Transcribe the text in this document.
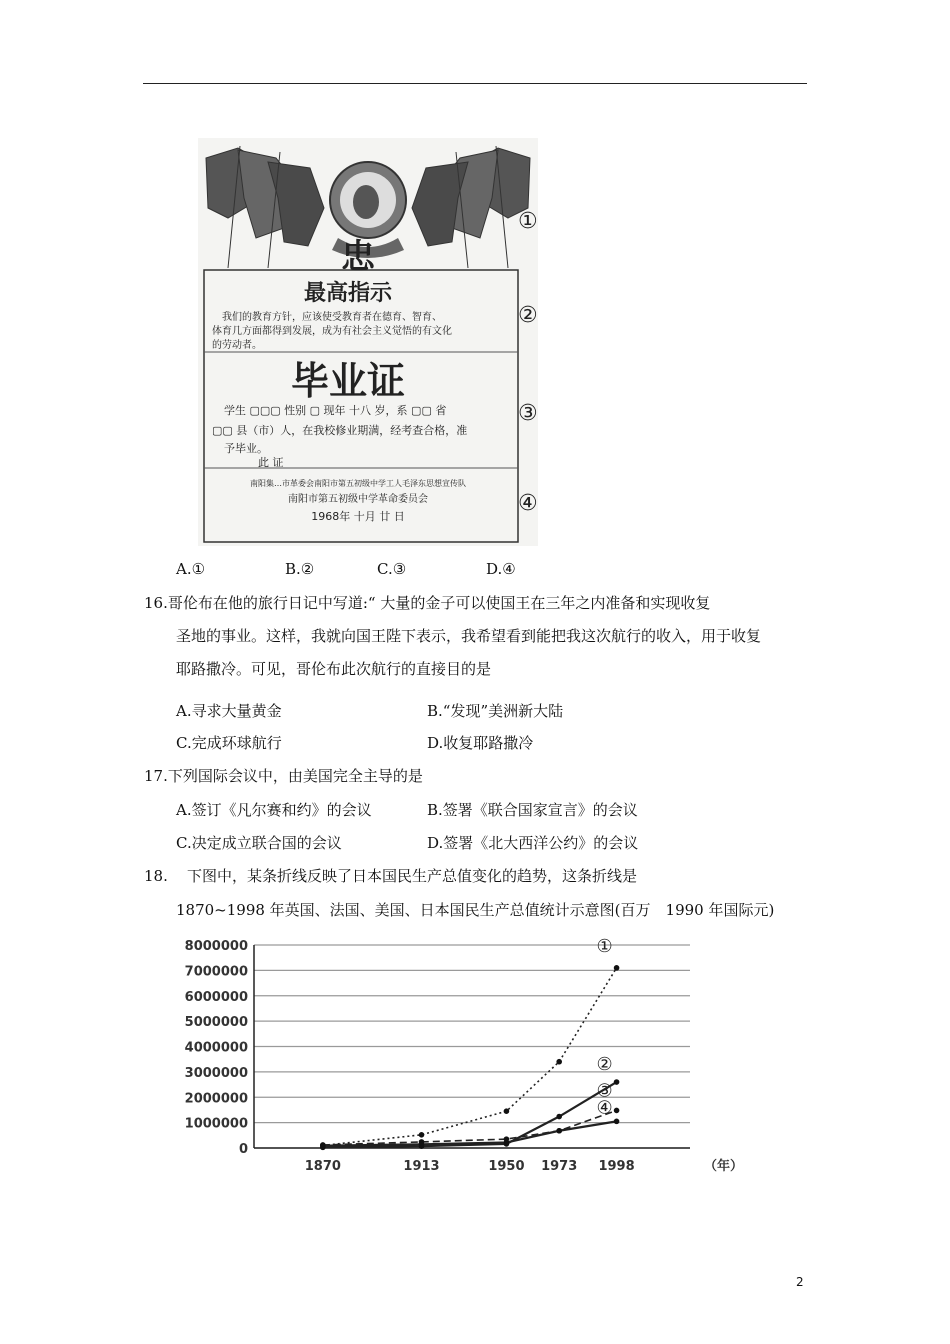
忠
最高指示
我们的教育方针，应该使受教育者在德育、智育、
体育几方面都得到发展，成为有社会主义觉悟的有文化
的劳动者。
毕业证
学生 ▢▢▢ 性别 ▢ 现年 十八 岁，系 ▢▢ 省
▢▢ 县（市）人，在我校修业期满，经考查合格，准
予毕业。
此 证
南阳集…市革委会南阳市第五初级中学工人毛泽东思想宣传队
南阳市第五初级中学革命委员会
1968年 十月 廿 日
①
②
③
④
A.①	B.②	C.③	D.④
16.哥伦布在他的旅行日记中写道:“ 大量的金子可以使国王在三年之内准备和实现收复
圣地的事业。这样，我就向国王陛下表示，我希望看到能把我这次航行的收入，用于收复
耶路撒冷。可见，哥伦布此次航行的直接目的是
A.寻求大量黄金	B.“发现”美洲新大陆
C.完成环球航行	D.收复耶路撒冷
17.下列国际会议中，由美国完全主导的是
A.签订《凡尔赛和约》的会议	B.签署《联合国家宣言》的会议
C.决定成立联合国的会议	D.签署《北大西洋公约》的会议
18. 下图中，某条折线反映了日本国民生产总值变化的趋势，这条折线是
1870~1998 年英国、法国、美国、日本国民生产总值统计示意图(百万　1990 年国际元)
8000000
7000000
6000000
5000000
4000000
3000000
2000000
1000000
0
1870	1913	1950 1973 1998
①
②
③
④
（年）
2
